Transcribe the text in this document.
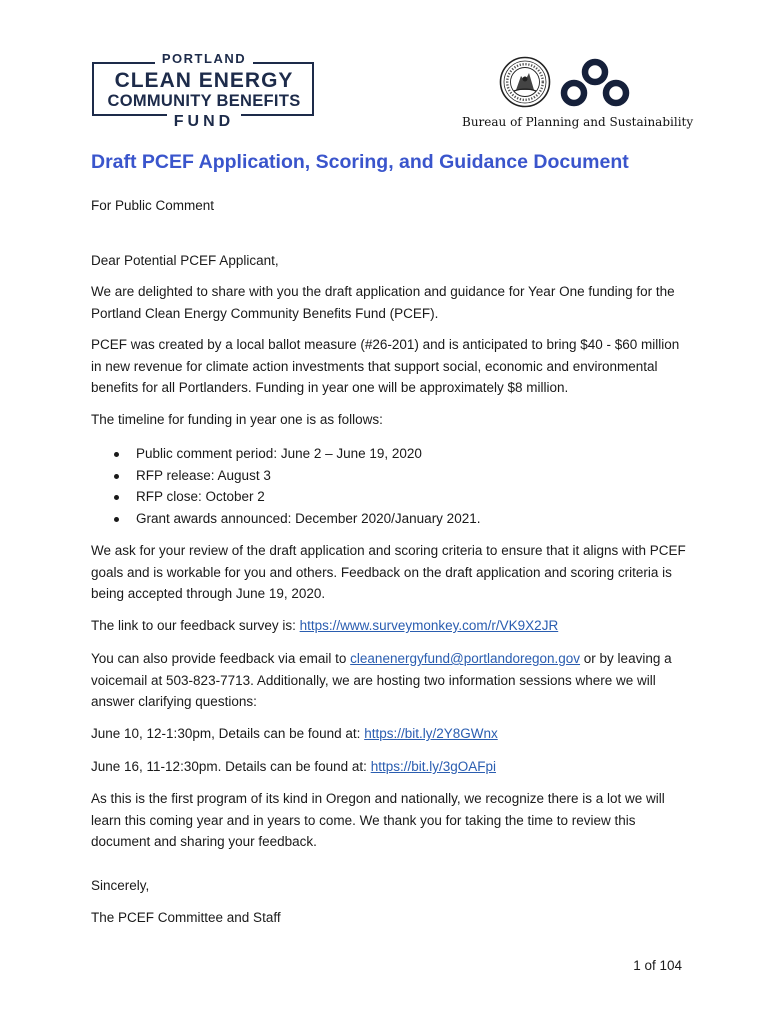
PORTLAND
CLEAN ENERGY
COMMUNITY BENEFITS
FUND	Bureau of Planning and Sustainability
Draft PCEF Application, Scoring, and Guidance Document

For Public Comment

Dear Potential PCEF Applicant,

We are delighted to share with you the draft application and guidance for Year One funding for the Portland Clean Energy Community Benefits Fund (PCEF).

PCEF was created by a local ballot measure (#26-201) and is anticipated to bring $40 - $60 million in new revenue for climate action investments that support social, economic and environmental benefits for all Portlanders. Funding in year one will be approximately $8 million.

The timeline for funding in year one is as follows:

Public comment period: June 2 – June 19, 2020
RFP release: August 3
RFP close: October 2
Grant awards announced: December 2020/January 2021.

We ask for your review of the draft application and scoring criteria to ensure that it aligns with PCEF goals and is workable for you and others. Feedback on the draft application and scoring criteria is being accepted through June 19, 2020.

The link to our feedback survey is: https://www.surveymonkey.com/r/VK9X2JR

You can also provide feedback via email to cleanenergyfund@portlandoregon.gov or by leaving a voicemail at 503-823-7713. Additionally, we are hosting two information sessions where we will answer clarifying questions:

June 10, 12-1:30pm, Details can be found at: https://bit.ly/2Y8GWnx

June 16, 11-12:30pm. Details can be found at: https://bit.ly/3gOAFpi

As this is the first program of its kind in Oregon and nationally, we recognize there is a lot we will learn this coming year and in years to come. We thank you for taking the time to review this document and sharing your feedback.

Sincerely,

The PCEF Committee and Staff

1 of 104
